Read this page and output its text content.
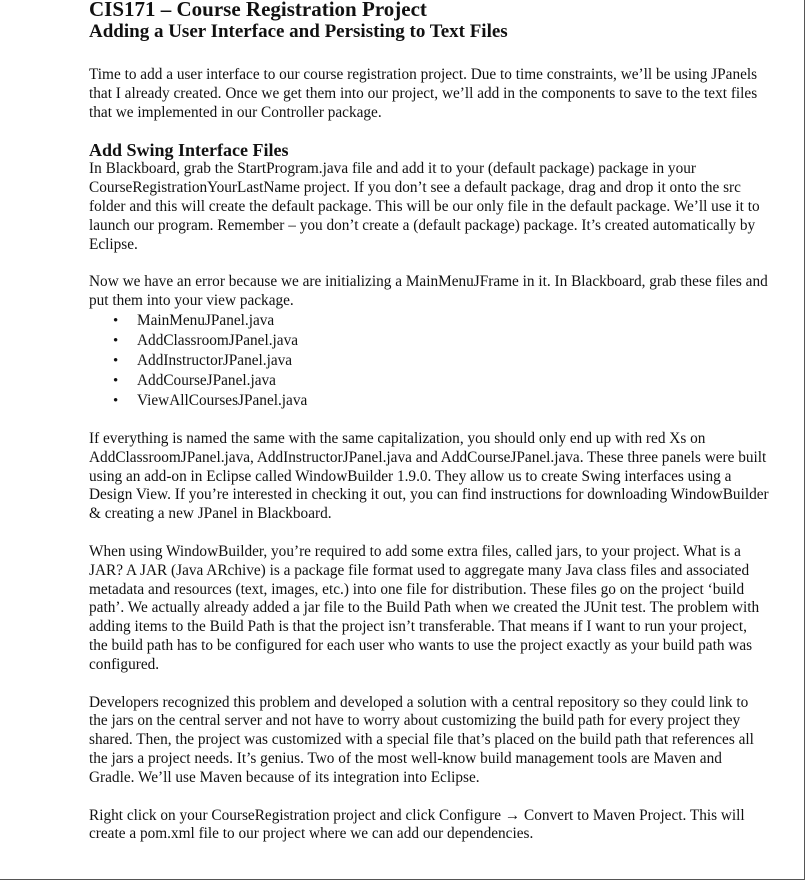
CIS171 – Course Registration Project
Adding a User Interface and Persisting to Text Files

Time to add a user interface to our course registration project. Due to time constraints, we’ll be using JPanels that I already created. Once we get them into our project, we’ll add in the components to save to the text files that we implemented in our Controller package.

Add Swing Interface Files

In Blackboard, grab the StartProgram.java file and add it to your (default package) package in your CourseRegistrationYourLastName project. If you don’t see a default package, drag and drop it onto the src folder and this will create the default package. This will be our only file in the default package. We’ll use it to launch our program. Remember – you don’t create a (default package) package. It’s created automatically by Eclipse.

Now we have an error because we are initializing a MainMenuJFrame in it. In Blackboard, grab these files and put them into your view package.

• MainMenuJPanel.java
• AddClassroomJPanel.java
• AddInstructorJPanel.java
• AddCourseJPanel.java
• ViewAllCoursesJPanel.java

If everything is named the same with the same capitalization, you should only end up with red Xs on AddClassroomJPanel.java, AddInstructorJPanel.java and AddCourseJPanel.java. These three panels were built using an add-on in Eclipse called WindowBuilder 1.9.0. They allow us to create Swing interfaces using a Design View. If you’re interested in checking it out, you can find instructions for downloading WindowBuilder & creating a new JPanel in Blackboard.

When using WindowBuilder, you’re required to add some extra files, called jars, to your project. What is a JAR? A JAR (Java ARchive) is a package file format used to aggregate many Java class files and associated metadata and resources (text, images, etc.) into one file for distribution. These files go on the project ‘build path’. We actually already added a jar file to the Build Path when we created the JUnit test. The problem with adding items to the Build Path is that the project isn’t transferable. That means if I want to run your project, the build path has to be configured for each user who wants to use the project exactly as your build path was configured.

Developers recognized this problem and developed a solution with a central repository so they could link to the jars on the central server and not have to worry about customizing the build path for every project they shared. Then, the project was customized with a special file that’s placed on the build path that references all the jars a project needs. It’s genius. Two of the most well-know build management tools are Maven and Gradle. We’ll use Maven because of its integration into Eclipse.

Right click on your CourseRegistration project and click Configure → Convert to Maven Project. This will create a pom.xml file to our project where we can add our dependencies.
